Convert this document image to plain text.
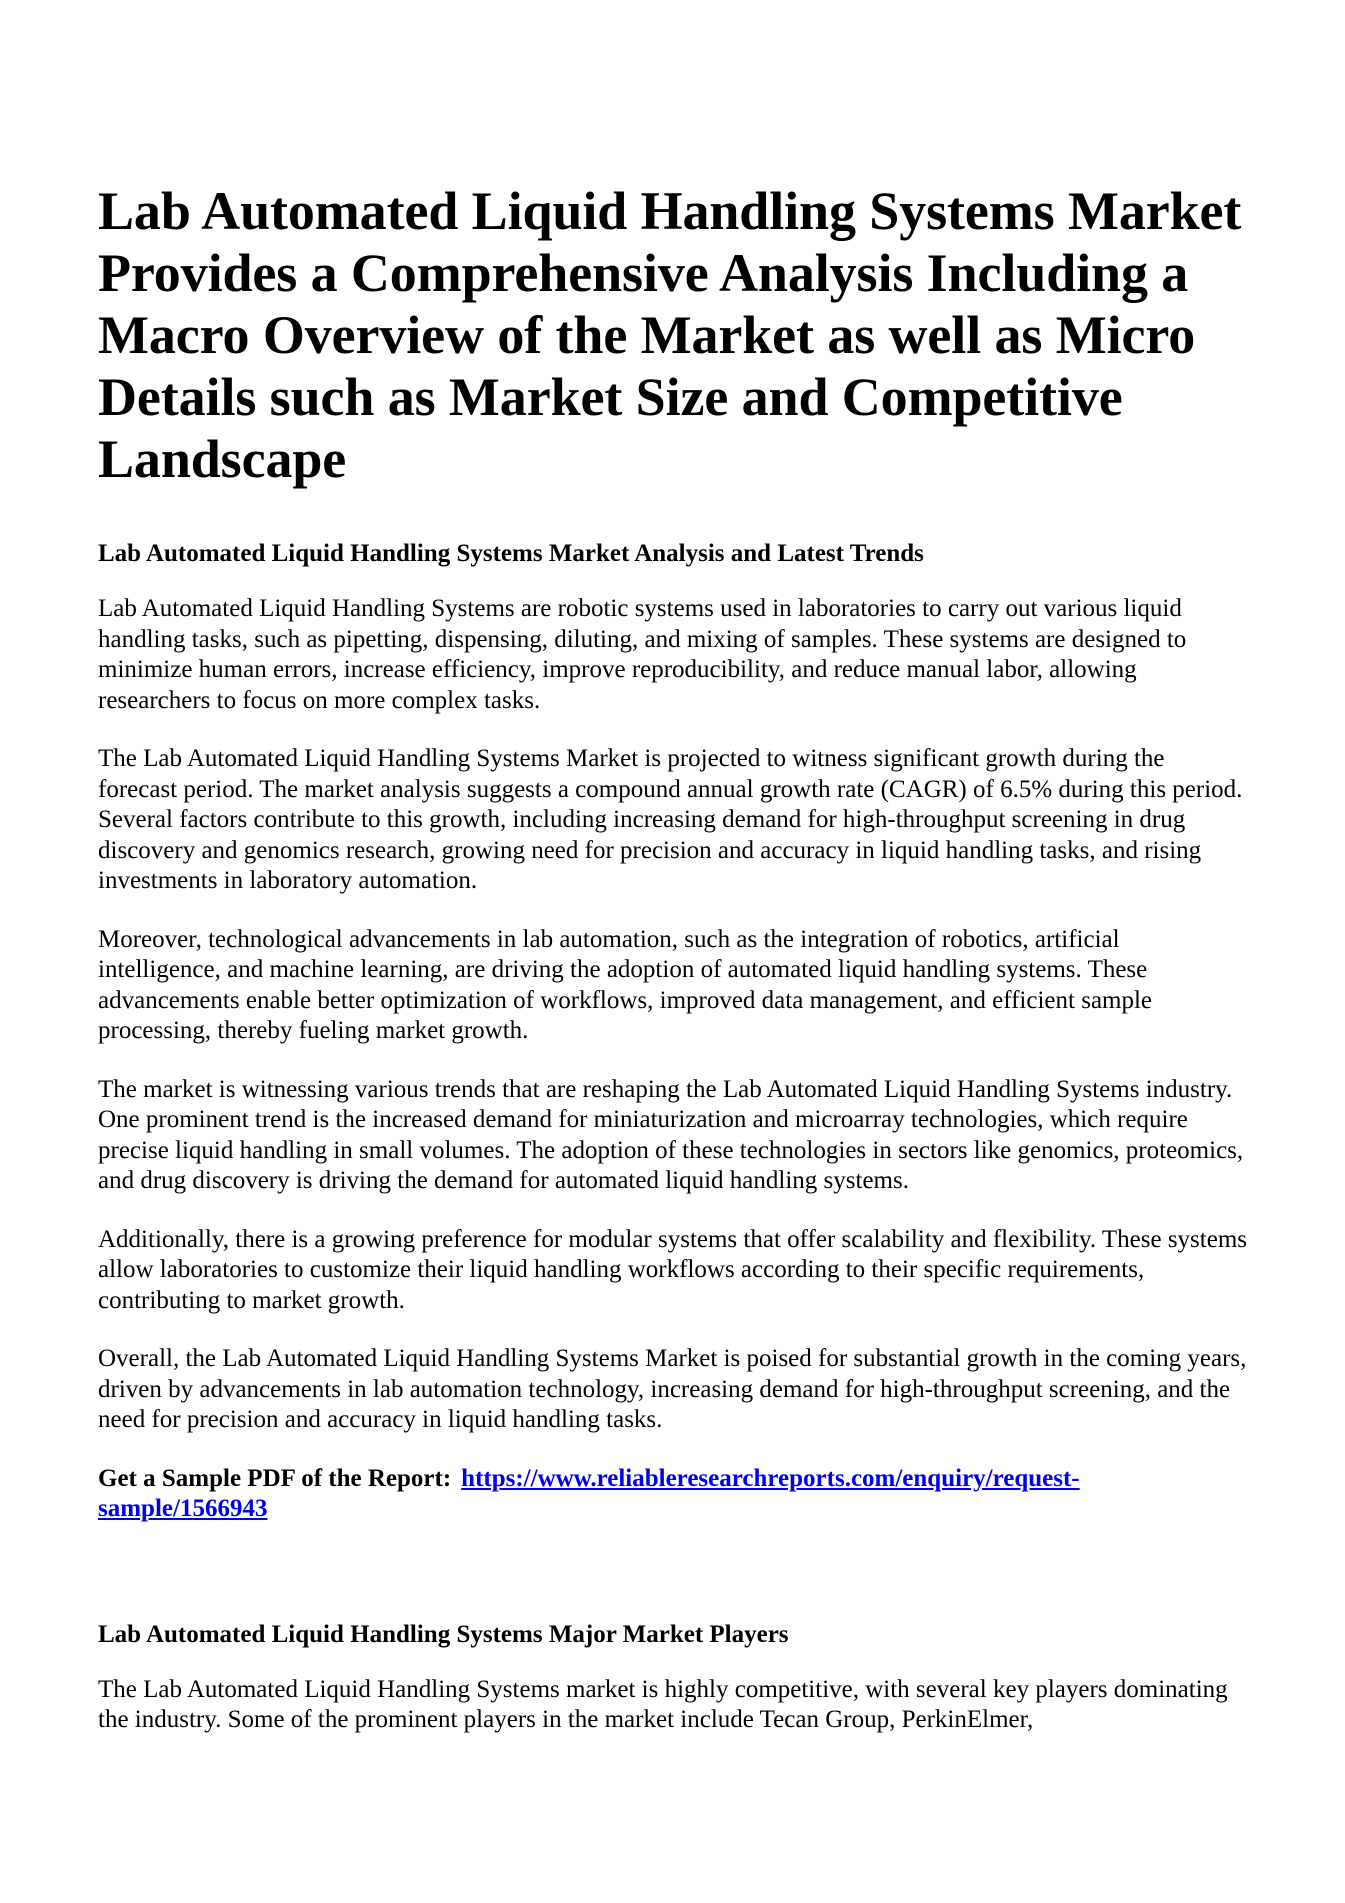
Lab Automated Liquid Handling Systems Market Provides a Comprehensive Analysis Including a Macro Overview of the Market as well as Micro Details such as Market Size and Competitive Landscape
Lab Automated Liquid Handling Systems Market Analysis and Latest Trends

Lab Automated Liquid Handling Systems are robotic systems used in laboratories to carry out various liquid handling tasks, such as pipetting, dispensing, diluting, and mixing of samples. These systems are designed to minimize human errors, increase efficiency, improve reproducibility, and reduce manual labor, allowing researchers to focus on more complex tasks.

The Lab Automated Liquid Handling Systems Market is projected to witness significant growth during the forecast period. The market analysis suggests a compound annual growth rate (CAGR) of 6.5% during this period. Several factors contribute to this growth, including increasing demand for high-throughput screening in drug discovery and genomics research, growing need for precision and accuracy in liquid handling tasks, and rising investments in laboratory automation.

Moreover, technological advancements in lab automation, such as the integration of robotics, artificial intelligence, and machine learning, are driving the adoption of automated liquid handling systems. These advancements enable better optimization of workflows, improved data management, and efficient sample processing, thereby fueling market growth.

The market is witnessing various trends that are reshaping the Lab Automated Liquid Handling Systems industry. One prominent trend is the increased demand for miniaturization and microarray technologies, which require precise liquid handling in small volumes. The adoption of these technologies in sectors like genomics, proteomics, and drug discovery is driving the demand for automated liquid handling systems.

Additionally, there is a growing preference for modular systems that offer scalability and flexibility. These systems allow laboratories to customize their liquid handling workflows according to their specific requirements, contributing to market growth.

Overall, the Lab Automated Liquid Handling Systems Market is poised for substantial growth in the coming years, driven by advancements in lab automation technology, increasing demand for high-throughput screening, and the need for precision and accuracy in liquid handling tasks.

Get a Sample PDF of the Report: https://www.reliableresearchreports.com/enquiry/request-sample/1566943

Lab Automated Liquid Handling Systems Major Market Players

The Lab Automated Liquid Handling Systems market is highly competitive, with several key players dominating the industry. Some of the prominent players in the market include Tecan Group, PerkinElmer,
